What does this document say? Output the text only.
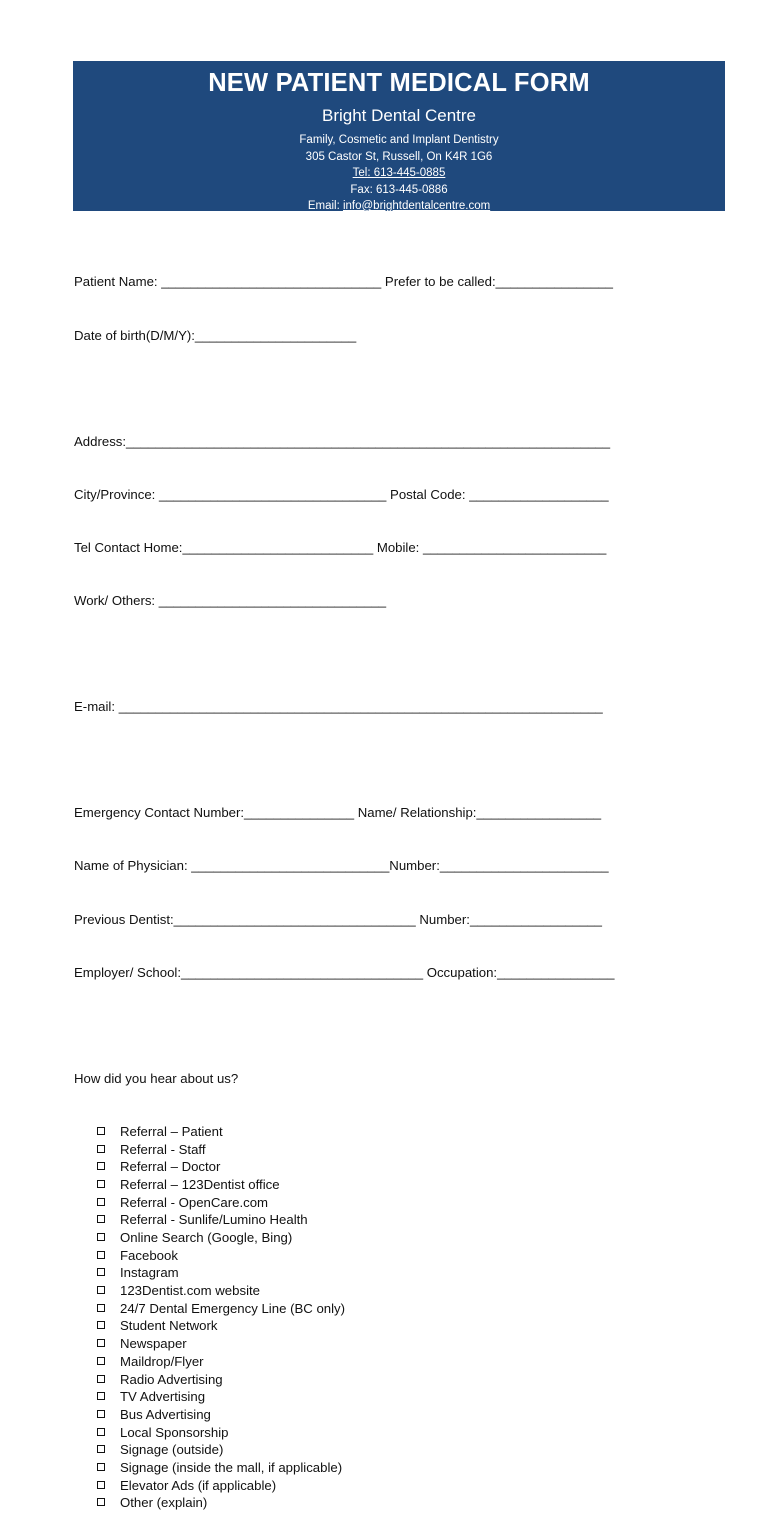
NEW PATIENT MEDICAL FORM
Bright Dental Centre
Family, Cosmetic and Implant Dentistry
305 Castor St, Russell, On K4R 1G6
Tel: 613-445-0885
Fax: 613-445-0886
Email: info@brightdentalcentre.com

Patient Name: ______________________________ Prefer to be called:________________

Date of birth(D/M/Y):______________________

Address:__________________________________________________________________

City/Province: _______________________________ Postal Code: ___________________

Tel Contact Home:__________________________ Mobile: _________________________

Work/ Others: _______________________________

E-mail: __________________________________________________________________

Emergency Contact Number:_______________ Name/ Relationship:_________________

Name of Physician: ___________________________Number:_______________________

Previous Dentist:_________________________________ Number:__________________

Employer/ School:_________________________________ Occupation:________________

How did you hear about us?

Referral – Patient
Referral - Staff
Referral – Doctor
Referral – 123Dentist office
Referral - OpenCare.com
Referral - Sunlife/Lumino Health
Online Search (Google, Bing)
Facebook
Instagram
123Dentist.com website
24/7 Dental Emergency Line (BC only)
Student Network
Newspaper
Maildrop/Flyer
Radio Advertising
TV Advertising
Bus Advertising
Local Sponsorship
Signage (outside)
Signage (inside the mall, if applicable)
Elevator Ads (if applicable)
Other (explain)
